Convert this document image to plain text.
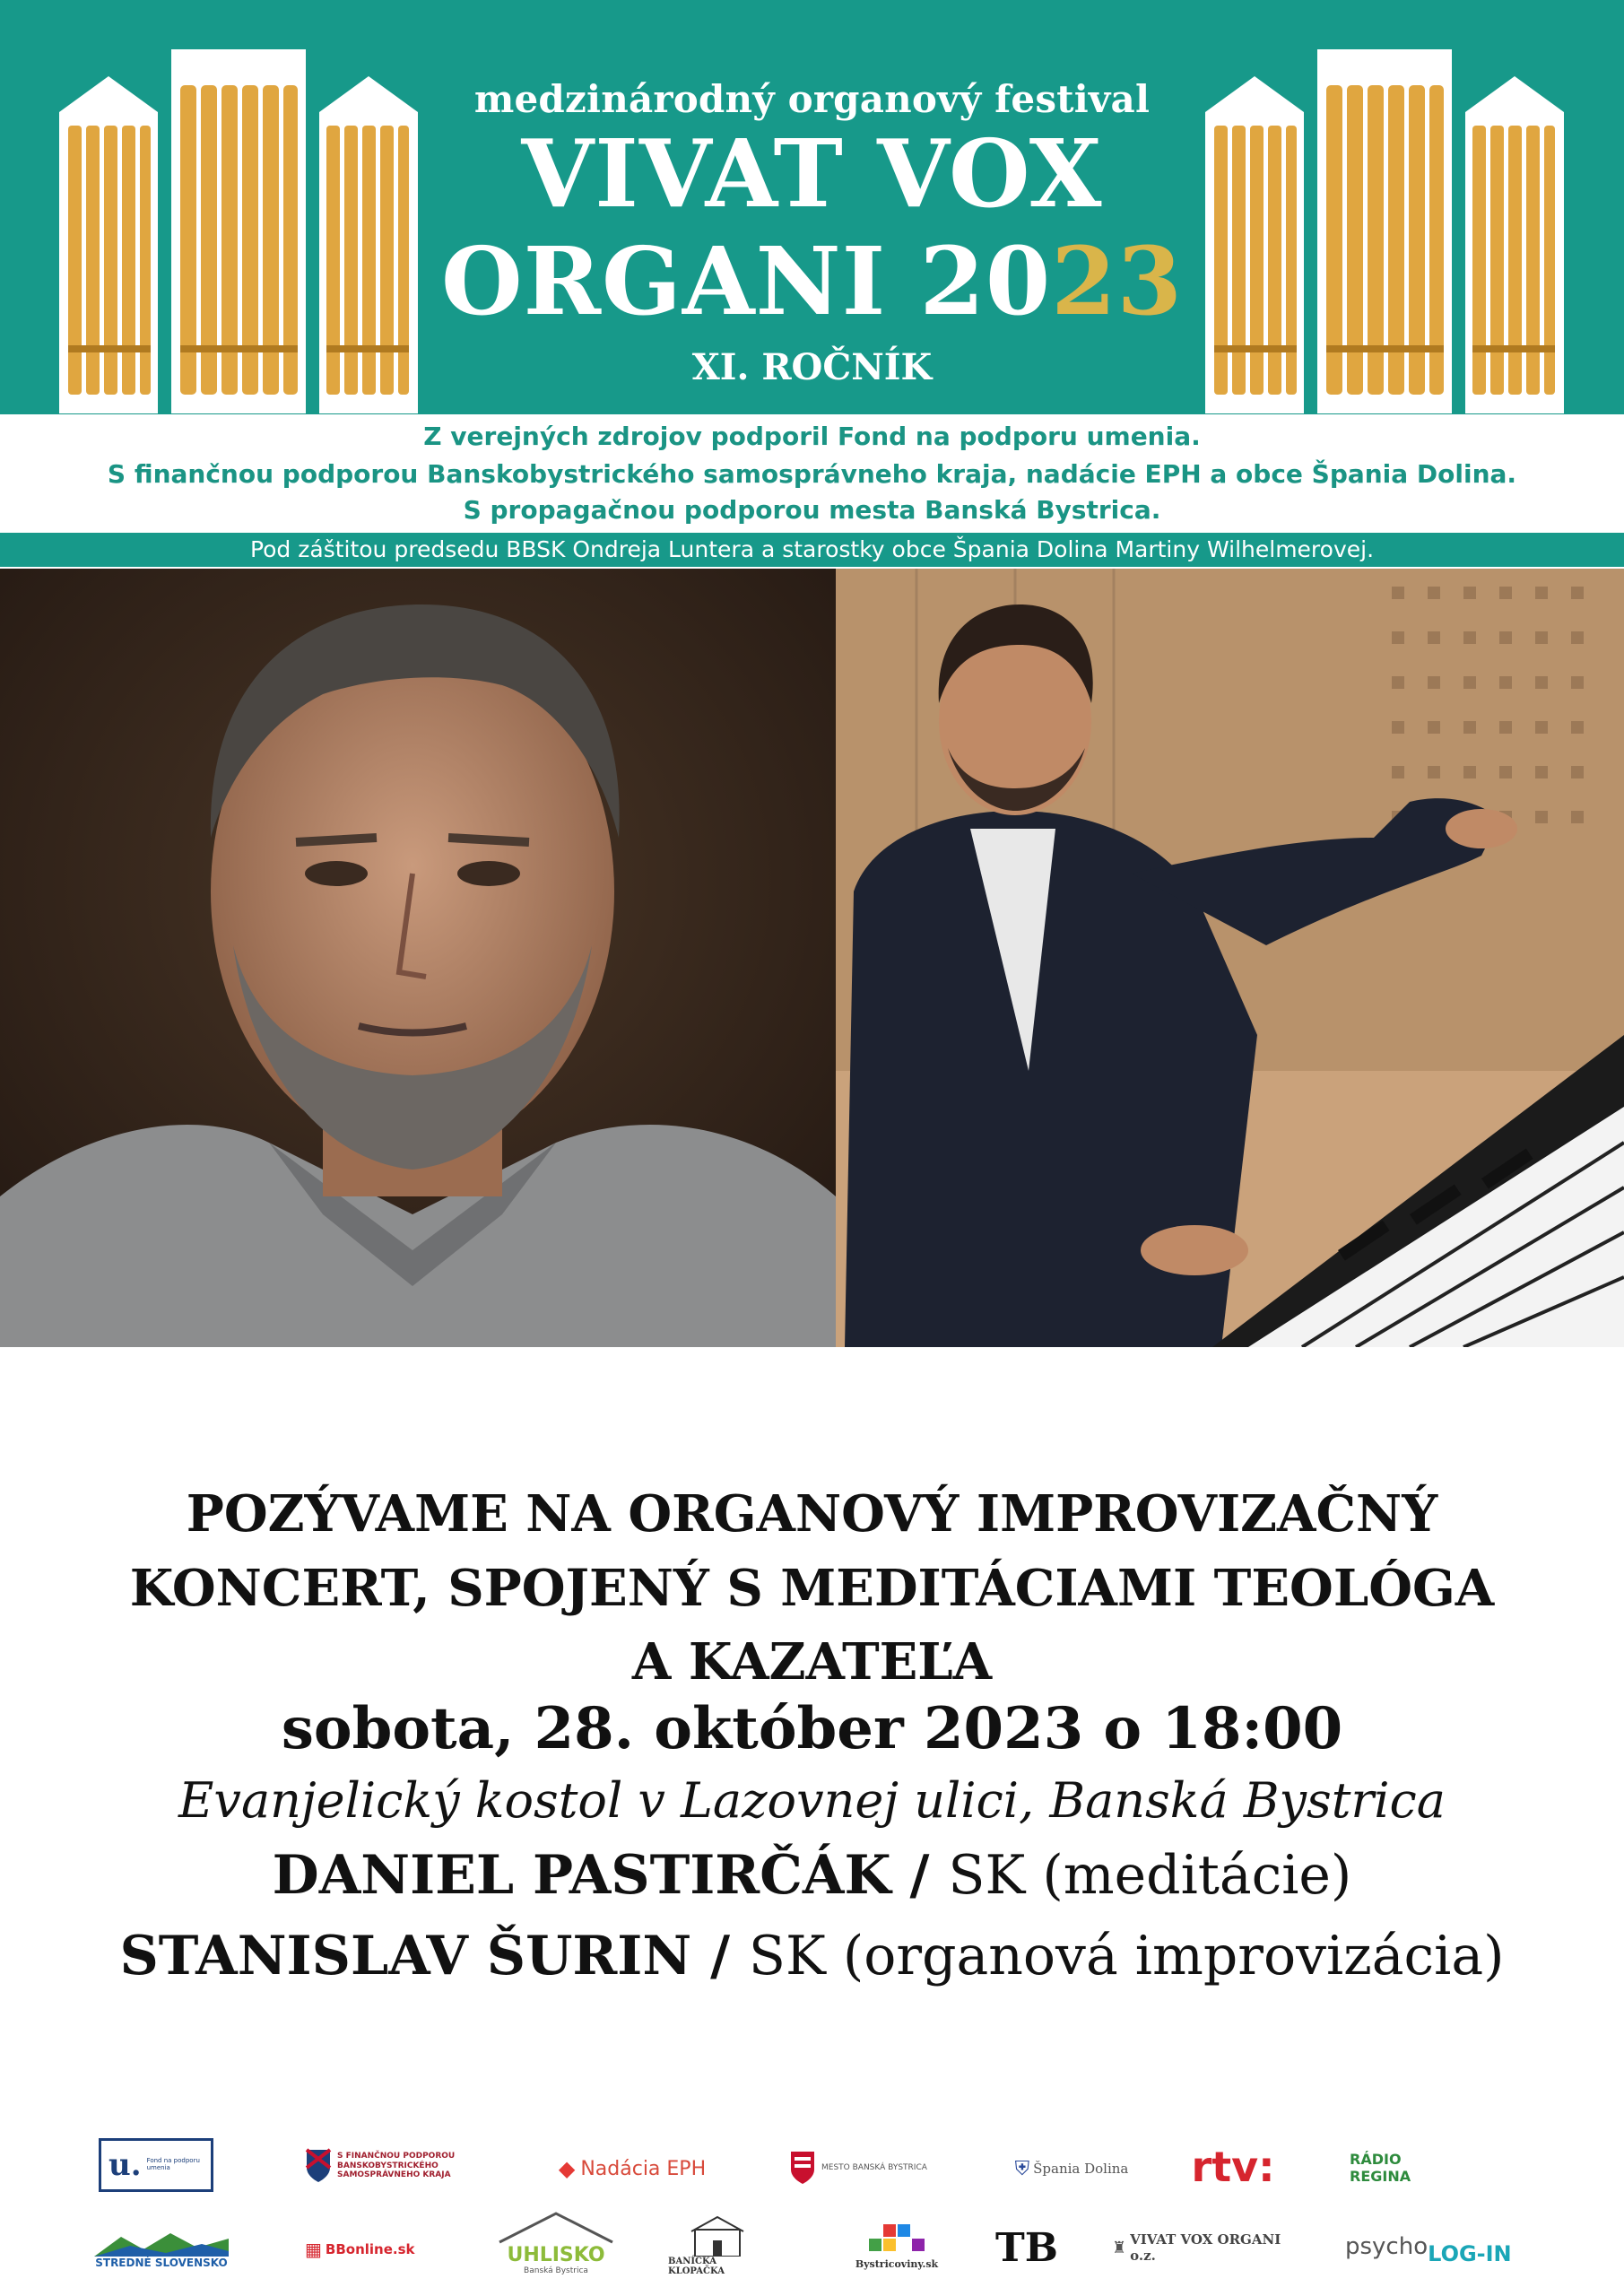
medzinárodný organový festival
VIVAT VOX
ORGANI 2023
XI. ROČNÍK
Z verejných zdrojov podporil Fond na podporu umenia.
S finančnou podporou Banskobystrického samosprávneho kraja, nadácie EPH a obce Špania Dolina.
S propagačnou podporou mesta Banská Bystrica.
Pod záštitou predsedu BBSK Ondreja Luntera a starostky obce Špania Dolina Martiny Wilhelmerovej.
POZÝVAME NA ORGANOVÝ IMPROVIZAČNÝ
KONCERT, SPOJENÝ S MEDITÁCIAMI TEOLÓGA
A KAZATEĽA
sobota, 28. október 2023 o 18:00
Evanjelický kostol v Lazovnej ulici, Banská Bystrica
DANIEL PASTIRČÁK / SK (meditácie)
STANISLAV ŠURIN / SK (organová improvizácia)
u. Fond na podporu umenia
S FINANČNOU PODPOROU BANSKOBYSTRICKÉHO SAMOSPRÁVNEHO KRAJA	◆ Nadácia EPH	MESTO BANSKÁ BYSTRICA	⛨ Špania Dolina rtv:	RÁDIO REGINA
STREDNÉ SLOVENSKO
▦ BBonline.sk	UHLISKO
Banská Bystrica
BANÍCKA KLOPAČKA
Bystricoviny.sk TB	♜ VIVAT VOX ORGANI o.z.	psycho LOG-IN
